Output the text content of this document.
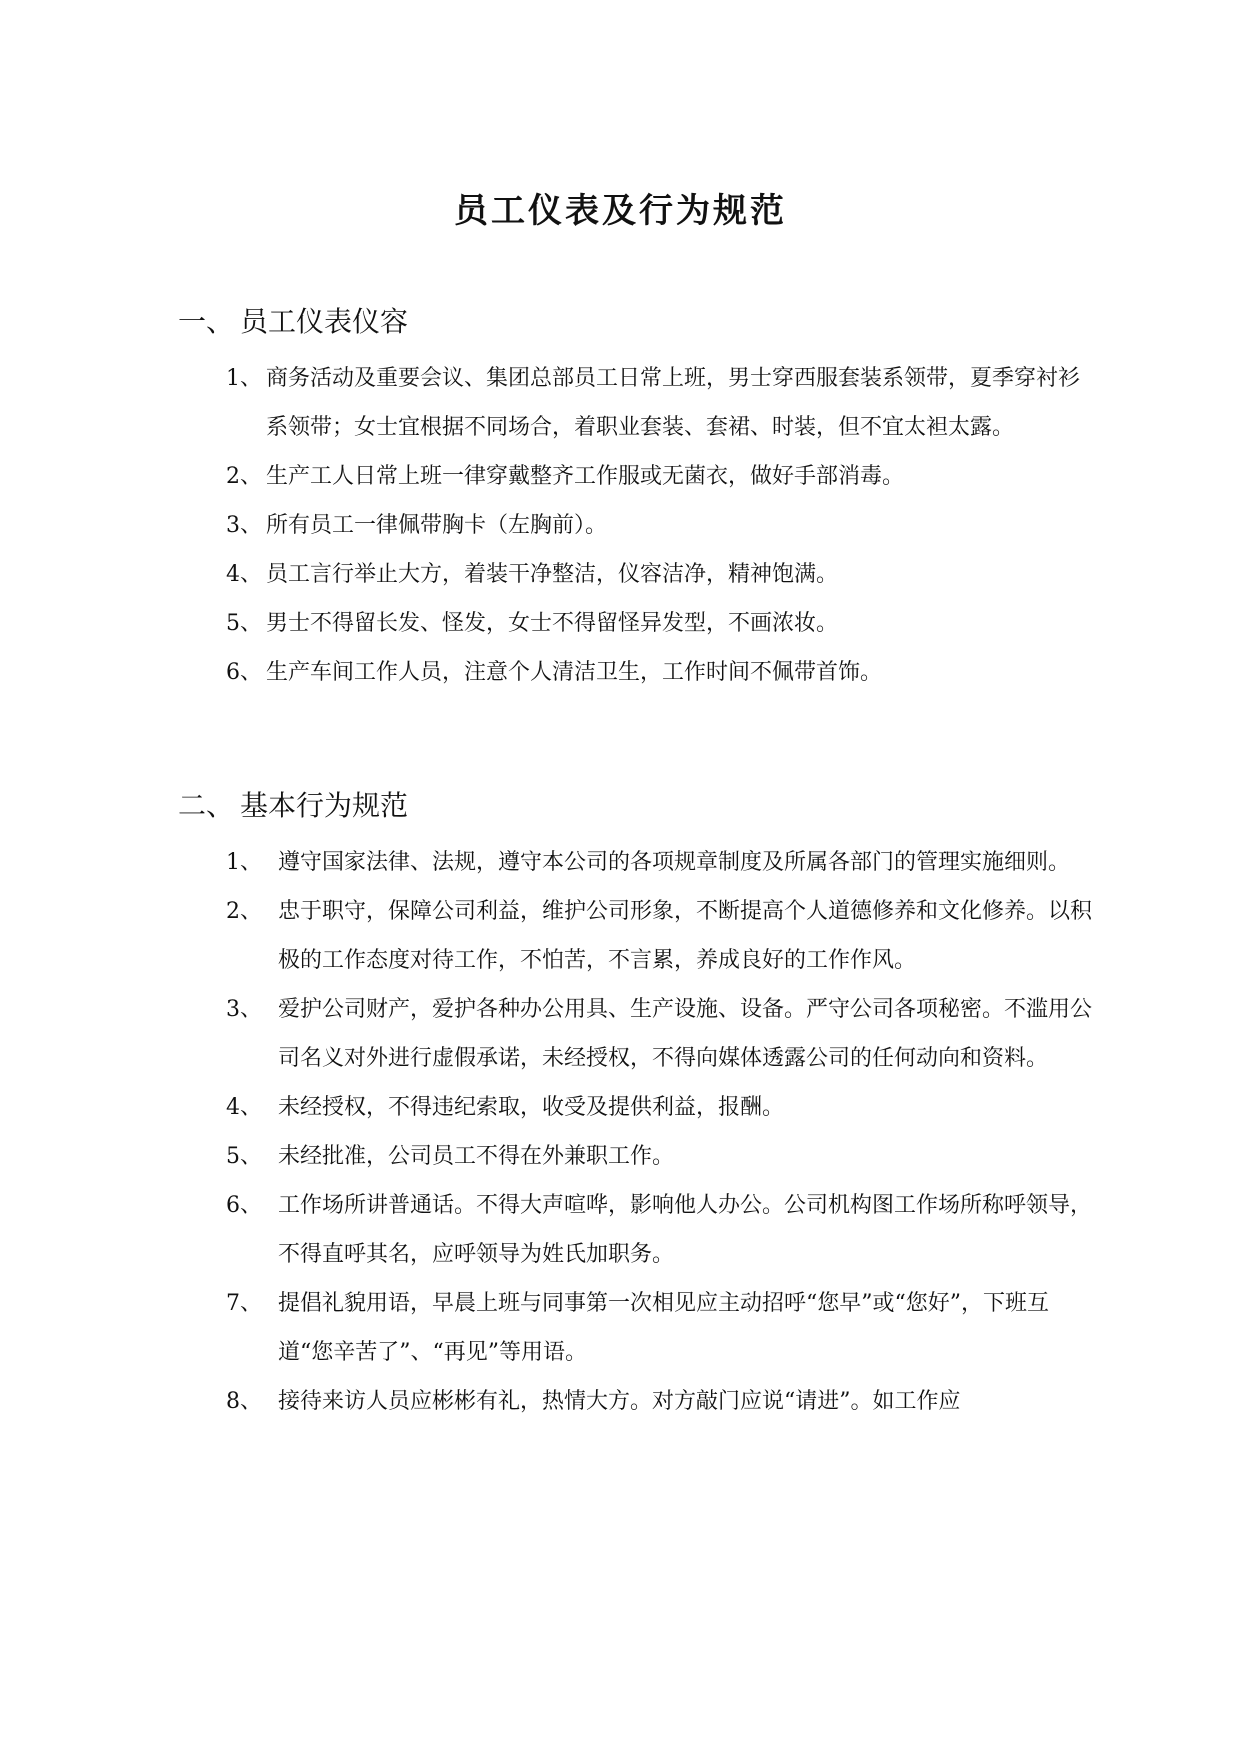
员工仪表及行为规范
一、 员工仪表仪容
1、 商务活动及重要会议、集团总部员工日常上班，男士穿西服套装系领带，夏季穿衬衫系领带；女士宜根据不同场合，着职业套装、套裙、时装，但不宜太袒太露。
2、 生产工人日常上班一律穿戴整齐工作服或无菌衣，做好手部消毒。
3、 所有员工一律佩带胸卡（左胸前）。
4、 员工言行举止大方，着装干净整洁，仪容洁净，精神饱满。
5、 男士不得留长发、怪发，女士不得留怪异发型，不画浓妆。
6、 生产车间工作人员，注意个人清洁卫生，工作时间不佩带首饰。
二、 基本行为规范
1、 遵守国家法律、法规，遵守本公司的各项规章制度及所属各部门的管理实施细则。
2、 忠于职守，保障公司利益，维护公司形象，不断提高个人道德修养和文化修养。以积极的工作态度对待工作，不怕苦，不言累，养成良好的工作作风。
3、 爱护公司财产，爱护各种办公用具、生产设施、设备。严守公司各项秘密。不滥用公司名义对外进行虚假承诺，未经授权，不得向媒体透露公司的任何动向和资料。
4、 未经授权，不得违纪索取，收受及提供利益，报酬。
5、 未经批准，公司员工不得在外兼职工作。
6、 工作场所讲普通话。不得大声喧哗，影响他人办公。公司机构图工作场所称呼领导，不得直呼其名，应呼领导为姓氏加职务。
7、 提倡礼貌用语，早晨上班与同事第一次相见应主动招呼“您早”或“您好”，下班互道“您辛苦了”、“再见”等用语。
8、 接待来访人员应彬彬有礼，热情大方。对方敲门应说“请进”。如工作应
